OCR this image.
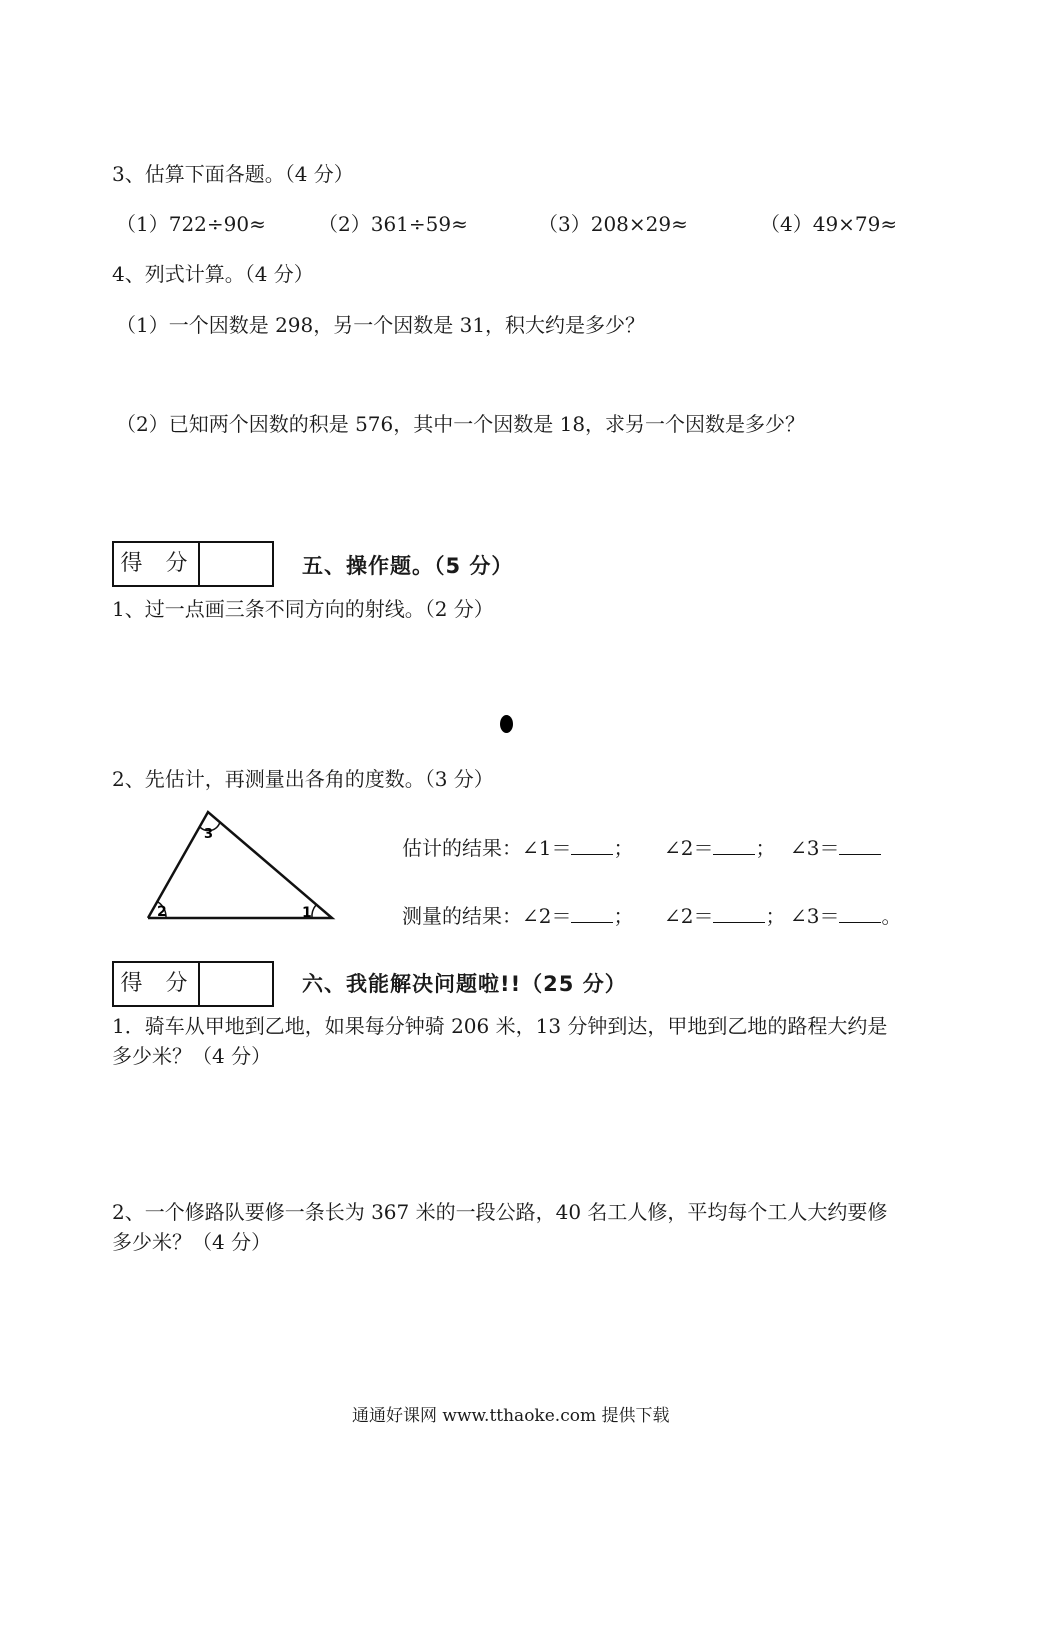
3、估算下面各题。（4 分）
（1）722÷90≈	（2）361÷59≈	（3）208×29≈	（4）49×79≈
4、列式计算。（4 分）
（1）一个因数是 298，另一个因数是 31，积大约是多少？
（2）已知两个因数的积是 576，其中一个因数是 18，求另一个因数是多少？
得 分	五、操作题。（5 分）
1、过一点画三条不同方向的射线。（2 分）
2、先估计，再测量出各角的度数。（3 分）
3
2	1
估计的结果：∠1＝ ； ∠2＝ ； ∠3＝
测量的结果：∠2＝ ； ∠2＝	； ∠3＝ 。
得 分	六、我能解决问题啦!!（25 分）
1．骑车从甲地到乙地，如果每分钟骑 206 米，13 分钟到达，甲地到乙地的路程大约是
多少米？（4 分）
2、一个修路队要修一条长为 367 米的一段公路，40 名工人修，平均每个工人大约要修
多少米？（4 分）
通通好课网 www.tthaoke.com 提供下载
